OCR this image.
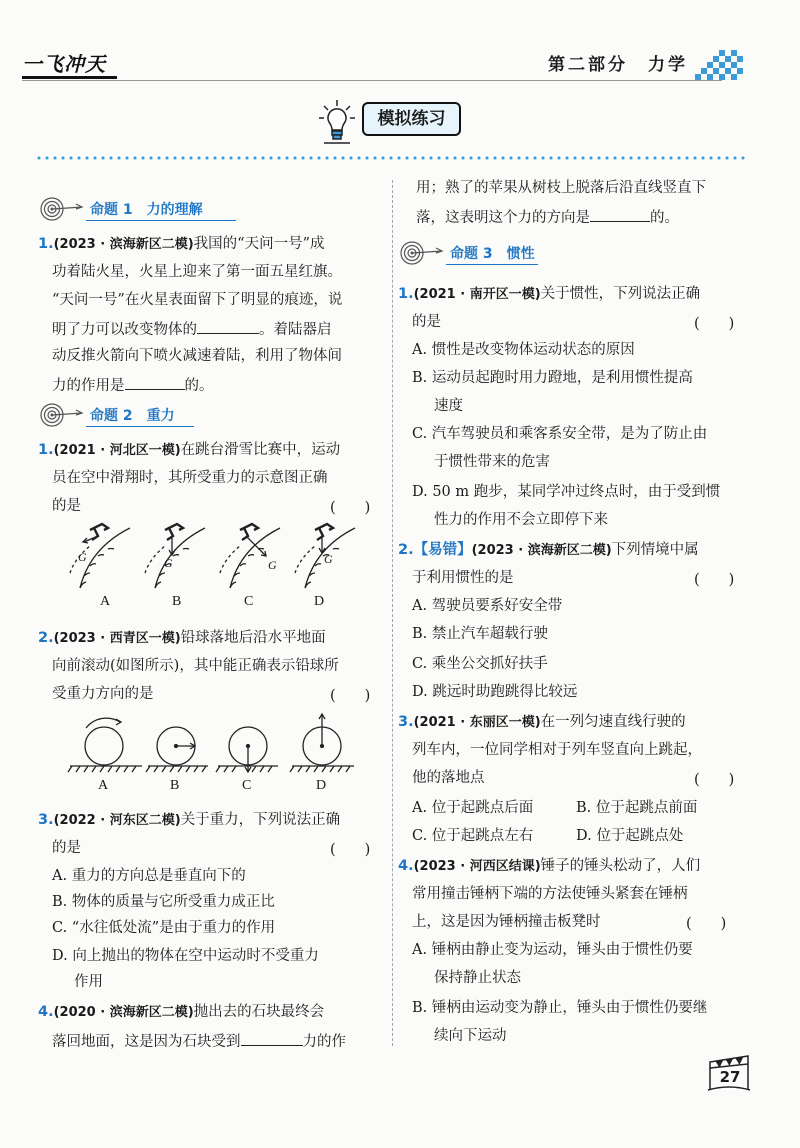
一飞冲天	第二部分　力学
模拟练习
命题 1　力的理解
1.(2023 · 滨海新区二模)我国的“天问一号”成
功着陆火星，火星上迎来了第一面五星红旗。
“天问一号”在火星表面留下了明显的痕迹，说
明了力可以改变物体的	。着陆器启
动反推火箭向下喷火减速着陆，利用了物体间
力的作用是	的。
命题 2　重力
1.(2021 · 河北区一模)在跳台滑雪比赛中，运动
员在空中滑翔时，其所受重力的示意图正确
的是	(　　)
G	G	G	G
A	B	C	D
2.(2023 · 西青区一模)铅球落地后沿水平地面
向前滚动(如图所示)，其中能正确表示铅球所
受重力方向的是	(　　)
A	B	C	D
3.(2022 · 河东区二模)关于重力，下列说法正确
的是	(　　)
A. 重力的方向总是垂直向下的
B. 物体的质量与它所受重力成正比
C. “水往低处流”是由于重力的作用
D. 向上抛出的物体在空中运动时不受重力
作用
4.(2020 · 滨海新区二模)抛出去的石块最终会
落回地面，这是因为石块受到	力的作
用；熟了的苹果从树枝上脱落后沿直线竖直下
落，这表明这个力的方向是	的。
命题 3　惯性
1.(2021 · 南开区一模)关于惯性，下列说法正确
的是	(　　)
A. 惯性是改变物体运动状态的原因
B. 运动员起跑时用力蹬地，是利用惯性提高
速度
C. 汽车驾驶员和乘客系安全带，是为了防止由
于惯性带来的危害
D. 50 m 跑步，某同学冲过终点时，由于受到惯
性力的作用不会立即停下来
2.【易错】(2023 · 滨海新区二模)下列情境中属
于利用惯性的是	(　　)
A. 驾驶员要系好安全带
B. 禁止汽车超载行驶
C. 乘坐公交抓好扶手
D. 跳远时助跑跳得比较远
3.(2021 · 东丽区一模)在一列匀速直线行驶的
列车内，一位同学相对于列车竖直向上跳起，
他的落地点	(　　)
A. 位于起跳点后面	B. 位于起跳点前面
C. 位于起跳点左右	D. 位于起跳点处
4.(2023 · 河西区结课)锤子的锤头松动了，人们
常用撞击锤柄下端的方法使锤头紧套在锤柄
上，这是因为锤柄撞击板凳时	(　　)
A. 锤柄由静止变为运动，锤头由于惯性仍要
保持静止状态
B. 锤柄由运动变为静止，锤头由于惯性仍要继
续向下运动
27
